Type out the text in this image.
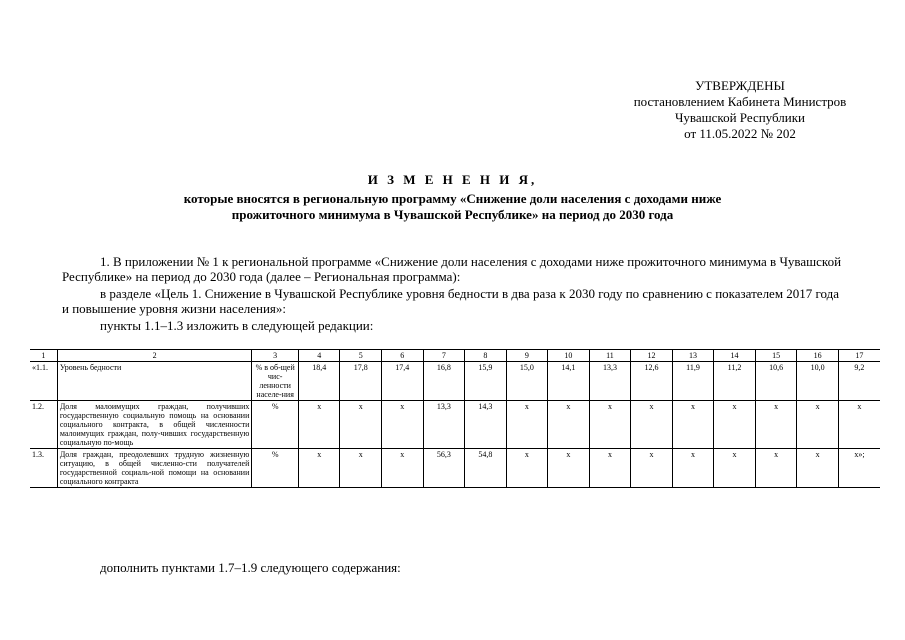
УТВЕРЖДЕНЫ
постановлением Кабинета Министров
Чувашской Республики
от 11.05.2022 № 202
И З М Е Н Е Н И Я,
которые вносятся в региональную программу «Снижение доли населения с доходами ниже
прожиточного минимума в Чувашской Республике» на период до 2030 года
1. В приложении № 1 к региональной программе «Снижение доли населения с доходами ниже прожиточного минимума в Чувашской Республике» на период до 2030 года (далее – Региональная программа):
в разделе «Цель 1. Снижение в Чувашской Республике уровня бедности в два раза к 2030 году по сравнению с показателем 2017 года и повышение уровня жизни населения»:
пункты 1.1–1.3 изложить в следующей редакции:
1	2	3	4	5	6	7	8	9	10	11	12	13	14	15	16	17
«1.1.	Уровень бедности	% в об-щей чис-ленности населе-ния	18,4	17,8	17,4	16,8	15,9	15,0	14,1	13,3	12,6	11,9	11,2	10,6	10,0	9,2
1.2.	Доля малоимущих граждан, получивших государственную социальную помощь на основании социального контракта, в общей численности малоимущих граждан, полу-чивших государственную социальную по-мощь	%	x	x	x	13,3	14,3	x	x	x	x	x	x	x	x	x
1.3.	Доля граждан, преодолевших трудную жизненную ситуацию, в общей численно-сти получателей государственной социаль-ной помощи на основании социального контракта	%	x	x	x	56,3	54,8	x	x	x	x	x	x	x	x	x»;
дополнить пунктами 1.7–1.9 следующего содержания:
